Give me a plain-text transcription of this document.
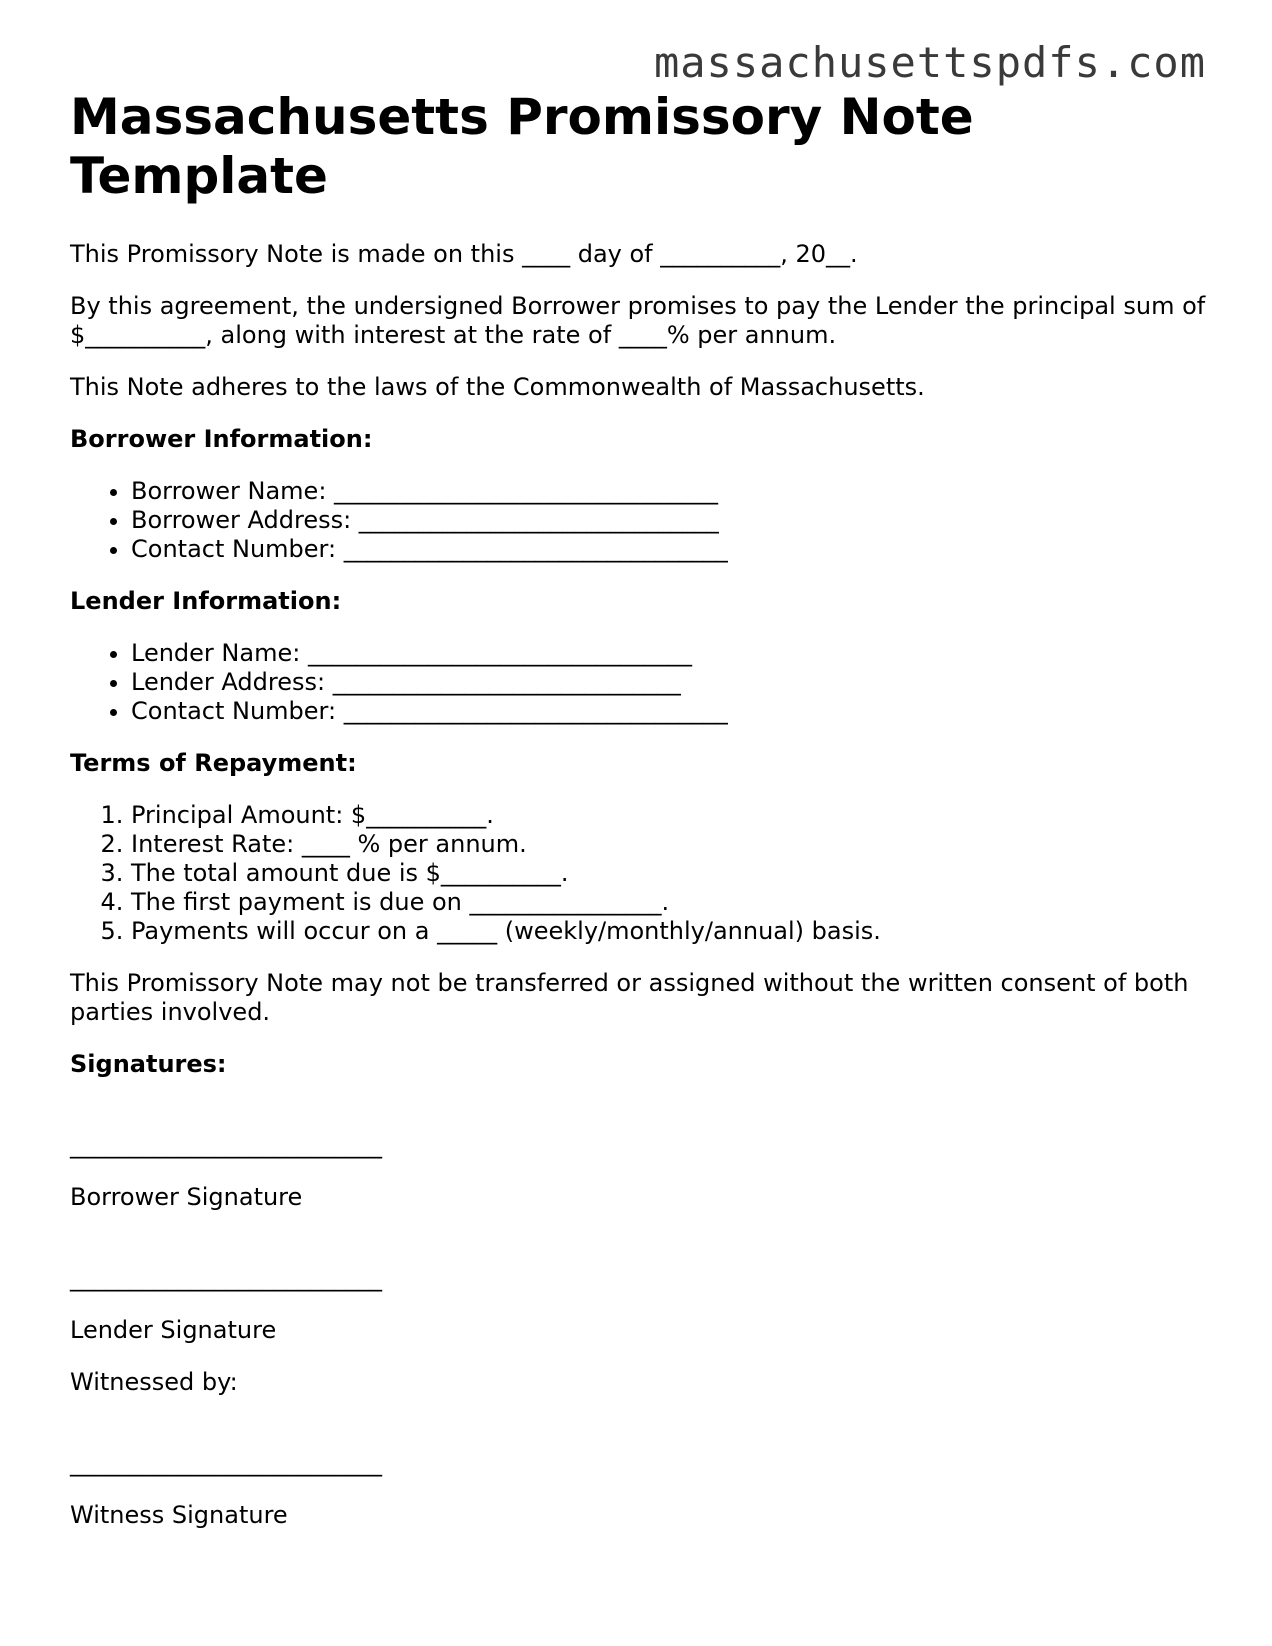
massachusettspdfs.com
Massachusetts Promissory Note Template

This Promissory Note is made on this ____ day of __________, 20__.

By this agreement, the undersigned Borrower promises to pay the Lender the principal sum of $__________, along with interest at the rate of ____% per annum.

This Note adheres to the laws of the Commonwealth of Massachusetts.

Borrower Information:
• Borrower Name: ________________________________
• Borrower Address: ______________________________
• Contact Number: ________________________________
Lender Information:
• Lender Name: ________________________________
• Lender Address: _____________________________
• Contact Number: ________________________________
Terms of Repayment:
1. Principal Amount: $__________.
2. Interest Rate: ____ % per annum.
3. The total amount due is $__________.
4. The first payment is due on ________________.
5. Payments will occur on a _____ (weekly/monthly/annual) basis.

This Promissory Note may not be transferred or assigned without the written consent of both parties involved.

Signatures:
__________________________
Borrower Signature
__________________________
Lender Signature
Witnessed by:
__________________________
Witness Signature
